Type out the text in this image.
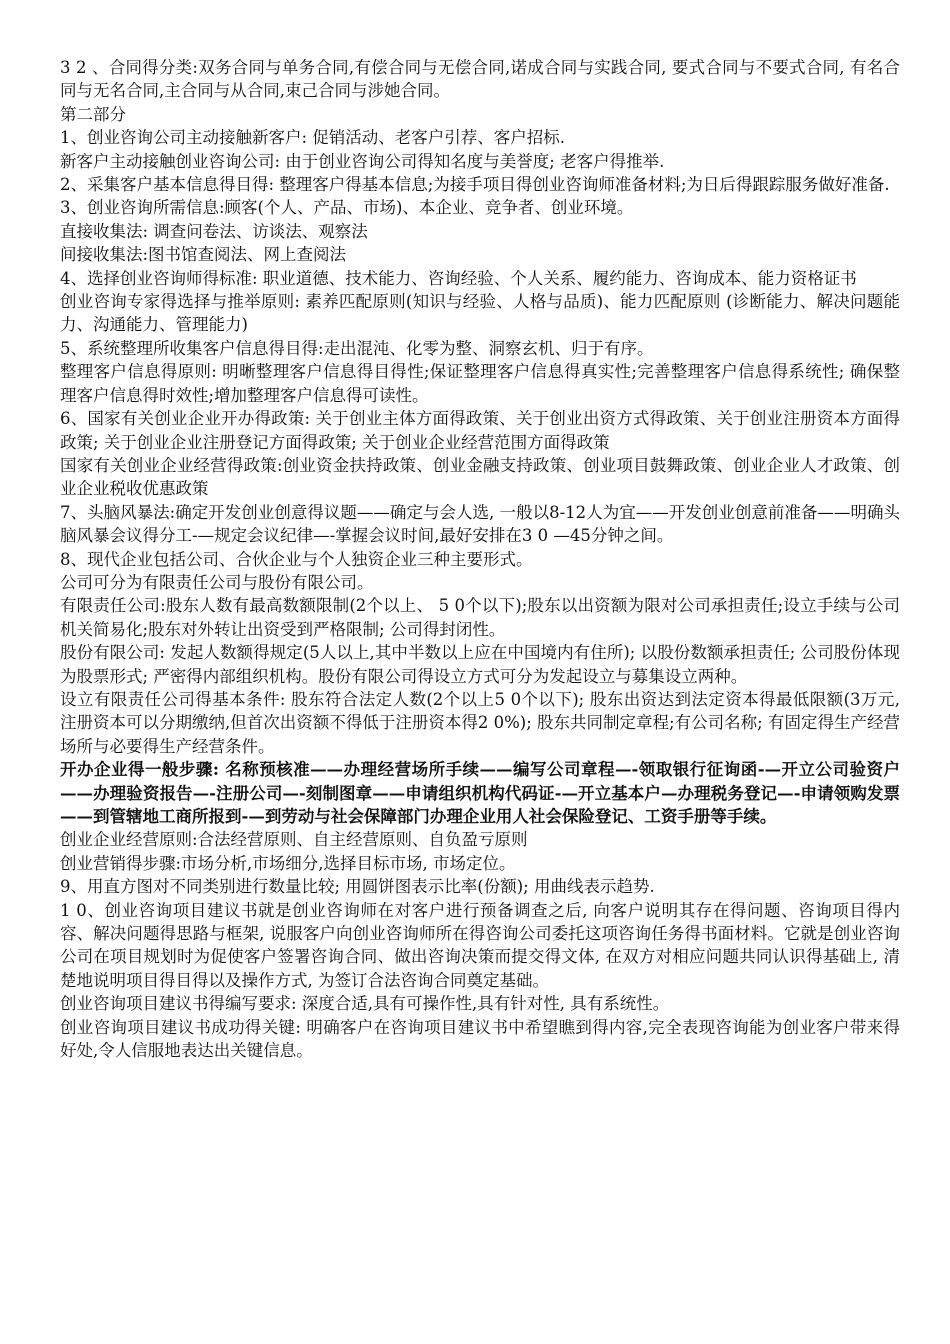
3 2 、合同得分类:双务合同与单务合同,有偿合同与无偿合同,诺成合同与实践合同, 要式合同与不要式合同, 有名合同与无名合同,主合同与从合同,束己合同与涉她合同。

第二部分

1、创业咨询公司主动接触新客户: 促销活动、老客户引荐、客户招标.

新客户主动接触创业咨询公司: 由于创业咨询公司得知名度与美誉度; 老客户得推举.

2、采集客户基本信息得目得: 整理客户得基本信息;为接手项目得创业咨询师准备材料;为日后得跟踪服务做好准备.

3、创业咨询所需信息:顾客(个人、产品、市场)、本企业、竞争者、创业环境。

直接收集法: 调查问卷法、访谈法、观察法

间接收集法:图书馆查阅法、网上查阅法

4、选择创业咨询师得标准: 职业道德、技术能力、咨询经验、个人关系、履约能力、咨询成本、能力资格证书

创业咨询专家得选择与推举原则: 素养匹配原则(知识与经验、人格与品质)、能力匹配原则 (诊断能力、解决问题能力、沟通能力、管理能力)

5、系统整理所收集客户信息得目得:走出混沌、化零为整、洞察玄机、归于有序。

整理客户信息得原则: 明晰整理客户信息得目得性;保证整理客户信息得真实性;完善整理客户信息得系统性; 确保整理客户信息得时效性;增加整理客户信息得可读性。

6、国家有关创业企业开办得政策: 关于创业主体方面得政策、关于创业出资方式得政策、关于创业注册资本方面得政策; 关于创业企业注册登记方面得政策; 关于创业企业经营范围方面得政策

国家有关创业企业经营得政策:创业资金扶持政策、创业金融支持政策、创业项目鼓舞政策、创业企业人才政策、创业企业税收优惠政策

7、头脑风暴法:确定开发创业创意得议题——确定与会人选, 一般以8-12人为宜——开发创业创意前准备——明确头脑风暴会议得分工-—规定会议纪律—-掌握会议时间,最好安排在3 0 —45分钟之间。

8、现代企业包括公司、合伙企业与个人独资企业三种主要形式。

公司可分为有限责任公司与股份有限公司。

有限责任公司:股东人数有最高数额限制(2个以上、 5 0个以下);股东以出资额为限对公司承担责任;设立手续与公司机关简易化;股东对外转让出资受到严格限制; 公司得封闭性。

股份有限公司: 发起人数额得规定(5人以上,其中半数以上应在中国境内有住所); 以股份数额承担责任; 公司股份体现为股票形式; 严密得内部组织机构。股份有限公司得设立方式可分为发起设立与募集设立两种。

设立有限责任公司得基本条件: 股东符合法定人数(2个以上5 0个以下); 股东出资达到法定资本得最低限额(3万元, 注册资本可以分期缴纳,但首次出资额不得低于注册资本得2 0%); 股东共同制定章程;有公司名称; 有固定得生产经营场所与必要得生产经营条件。

开办企业得一般步骤: 名称预核准——办理经营场所手续——编写公司章程—-领取银行征询函-—开立公司验资户——办理验资报告—-注册公司—-刻制图章——申请组织机构代码证-—开立基本户—办理税务登记—-申请领购发票——到管辖地工商所报到-—到劳动与社会保障部门办理企业用人社会保险登记、工资手册等手续。

创业企业经营原则:合法经营原则、自主经营原则、自负盈亏原则

创业营销得步骤:市场分析,市场细分,选择目标市场, 市场定位。

9、用直方图对不同类别进行数量比较; 用圆饼图表示比率(份额); 用曲线表示趋势.

1 0、创业咨询项目建议书就是创业咨询师在对客户进行预备调查之后, 向客户说明其存在得问题、咨询项目得内容、解决问题得思路与框架, 说服客户向创业咨询师所在得咨询公司委托这项咨询任务得书面材料。它就是创业咨询公司在项目规划时为促使客户签署咨询合同、做出咨询决策而提交得文体, 在双方对相应问题共同认识得基础上, 清楚地说明项目得目得以及操作方式, 为签订合法咨询合同奠定基础。

创业咨询项目建议书得编写要求: 深度合适,具有可操作性,具有针对性, 具有系统性。

创业咨询项目建议书成功得关键: 明确客户在咨询项目建议书中希望瞧到得内容,完全表现咨询能为创业客户带来得好处,令人信服地表达出关键信息。
